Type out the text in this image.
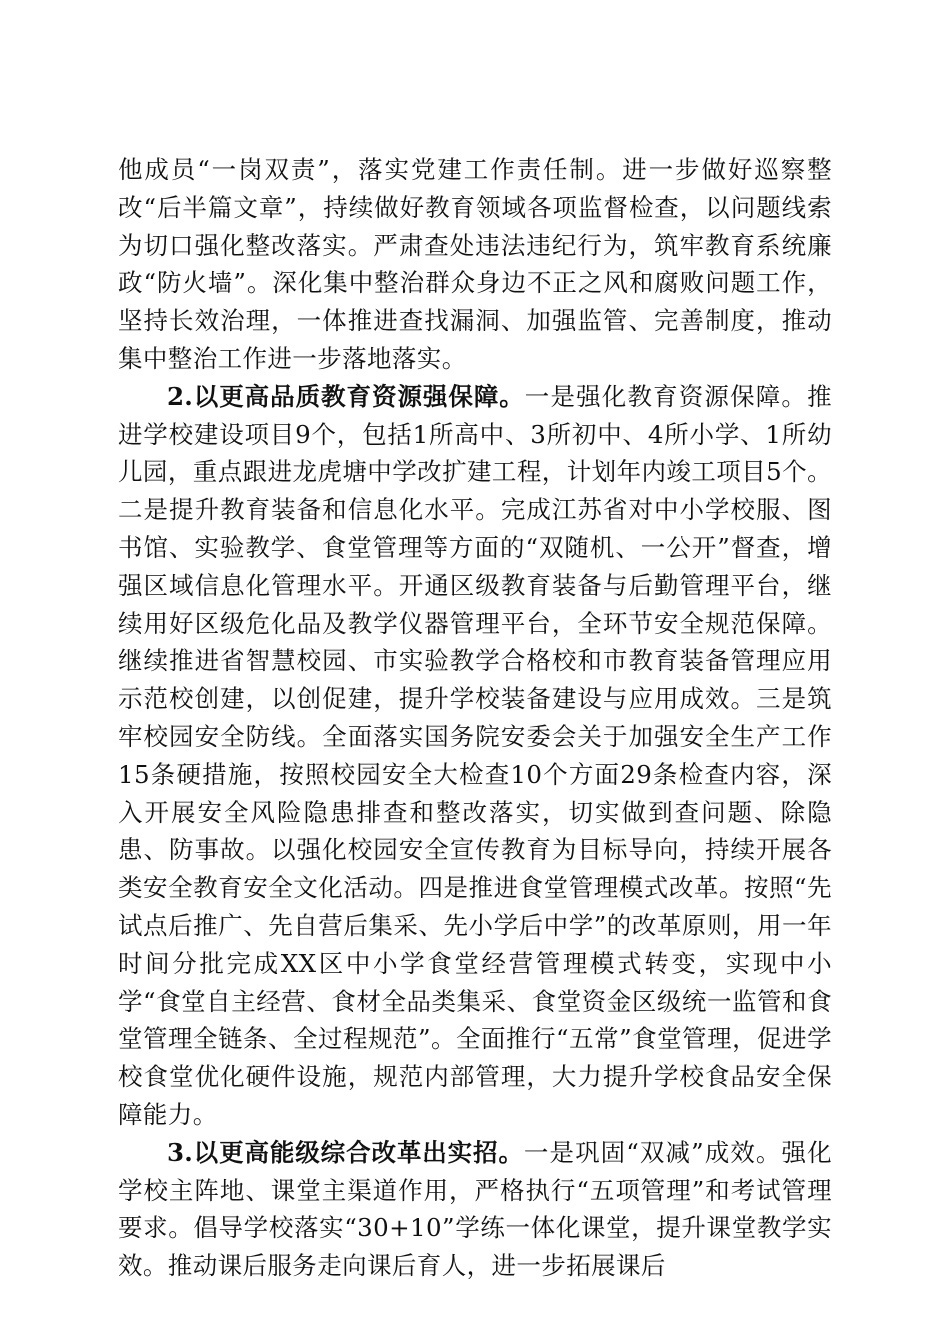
他成员“一岗双责”，落实党建工作责任制。进一步做好巡察整改“后半篇文章”，持续做好教育领域各项监督检查，以问题线索为切口强化整改落实。严肃查处违法违纪行为，筑牢教育系统廉政“防火墙”。深化集中整治群众身边不正之风和腐败问题工作，坚持长效治理，一体推进查找漏洞、加强监管、完善制度，推动集中整治工作进一步落地落实。

2.以更高品质教育资源强保障。一是强化教育资源保障。推进学校建设项目9个，包括1所高中、3所初中、4所小学、1所幼儿园，重点跟进龙虎塘中学改扩建工程，计划年内竣工项目5个。二是提升教育装备和信息化水平。完成江苏省对中小学校服、图书馆、实验教学、食堂管理等方面的“双随机、一公开”督查，增强区域信息化管理水平。开通区级教育装备与后勤管理平台，继续用好区级危化品及教学仪器管理平台，全环节安全规范保障。继续推进省智慧校园、市实验教学合格校和市教育装备管理应用示范校创建，以创促建，提升学校装备建设与应用成效。三是筑牢校园安全防线。全面落实国务院安委会关于加强安全生产工作15条硬措施，按照校园安全大检查10个方面29条检查内容，深入开展安全风险隐患排查和整改落实，切实做到查问题、除隐患、防事故。以强化校园安全宣传教育为目标导向，持续开展各类安全教育安全文化活动。四是推进食堂管理模式改革。按照“先试点后推广、先自营后集采、先小学后中学”的改革原则，用一年时间分批完成XX区中小学食堂经营管理模式转变，实现中小学“食堂自主经营、食材全品类集采、食堂资金区级统一监管和食堂管理全链条、全过程规范”。全面推行“五常”食堂管理，促进学校食堂优化硬件设施，规范内部管理，大力提升学校食品安全保障能力。

3.以更高能级综合改革出实招。一是巩固“双减”成效。强化学校主阵地、课堂主渠道作用，严格执行“五项管理”和考试管理要求。倡导学校落实“30+10”学练一体化课堂，提升课堂教学实效。推动课后服务走向课后育人，进一步拓展课后
